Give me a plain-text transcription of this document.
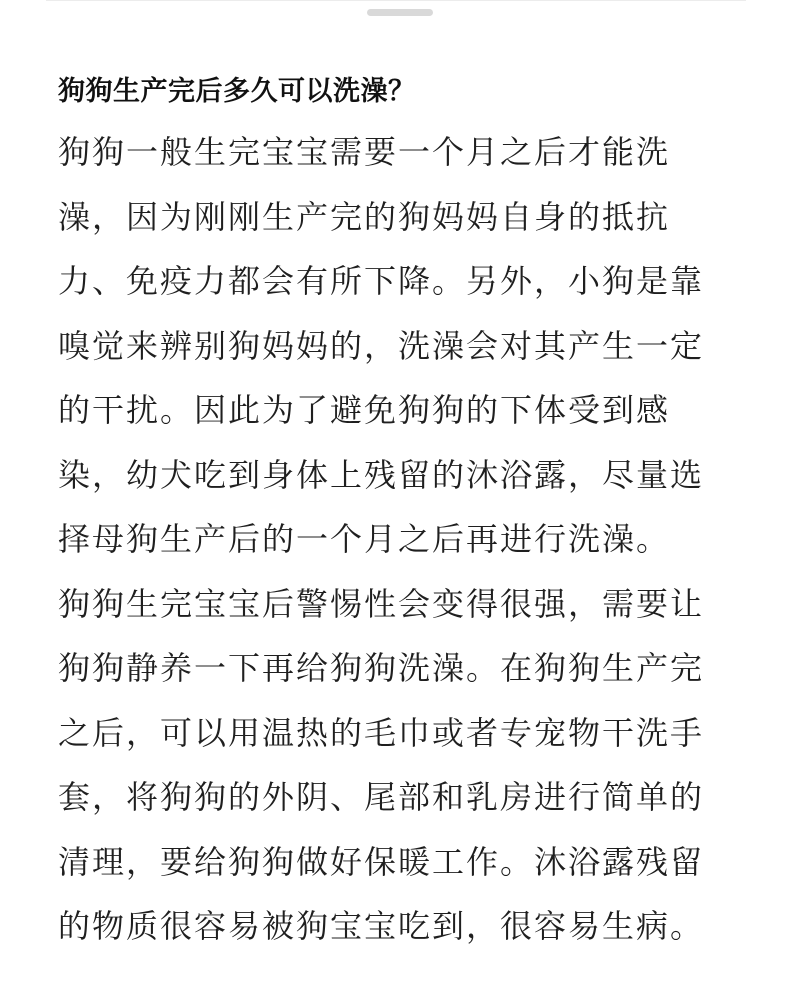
狗狗生产完后多久可以洗澡？

狗狗一般生完宝宝需要一个月之后才能洗
澡，因为刚刚生产完的狗妈妈自身的抵抗
力、免疫力都会有所下降。另外，小狗是靠
嗅觉来辨别狗妈妈的，洗澡会对其产生一定
的干扰。因此为了避免狗狗的下体受到感
染，幼犬吃到身体上残留的沐浴露，尽量选
择母狗生产后的一个月之后再进行洗澡。

狗狗生完宝宝后警惕性会变得很强，需要让
狗狗静养一下再给狗狗洗澡。在狗狗生产完
之后，可以用温热的毛巾或者专宠物干洗手
套，将狗狗的外阴、尾部和乳房进行简单的
清理，要给狗狗做好保暖工作。沐浴露残留
的物质很容易被狗宝宝吃到，很容易生病。
